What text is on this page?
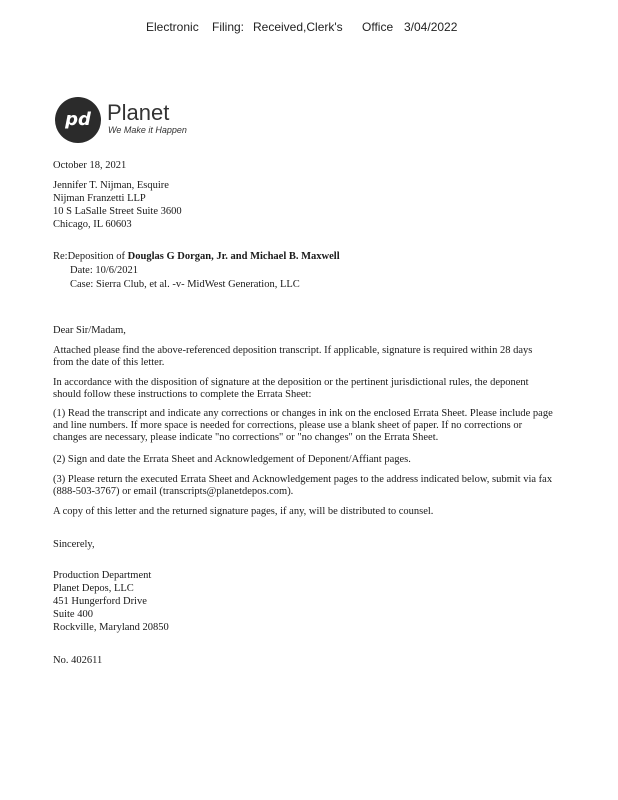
Electronic Filing: Received,Clerk's Office 3/04/2022
pd Planet
We Make it Happen
October 18, 2021
Jennifer T. Nijman, Esquire
Nijman Franzetti LLP
10 S LaSalle Street Suite 3600
Chicago, IL 60603
Re:Deposition of Douglas G Dorgan, Jr. and Michael B. Maxwell
Date: 10/6/2021
Case: Sierra Club, et al. -v- MidWest Generation, LLC
Dear Sir/Madam,
Attached please find the above-referenced deposition transcript. If applicable, signature is required within 28 days from the date of this letter.
In accordance with the disposition of signature at the deposition or the pertinent jurisdictional rules, the deponent should follow these instructions to complete the Errata Sheet:
(1) Read the transcript and indicate any corrections or changes in ink on the enclosed Errata Sheet. Please include page and line numbers. If more space is needed for corrections, please use a blank sheet of paper. If no corrections or changes are necessary, please indicate "no corrections" or "no changes" on the Errata Sheet.
(2) Sign and date the Errata Sheet and Acknowledgement of Deponent/Affiant pages.
(3) Please return the executed Errata Sheet and Acknowledgement pages to the address indicated below, submit via fax (888-503-3767) or email (transcripts@planetdepos.com).
A copy of this letter and the returned signature pages, if any, will be distributed to counsel.
Sincerely,
Production Department
Planet Depos, LLC
451 Hungerford Drive
Suite 400
Rockville, Maryland 20850
No. 402611
